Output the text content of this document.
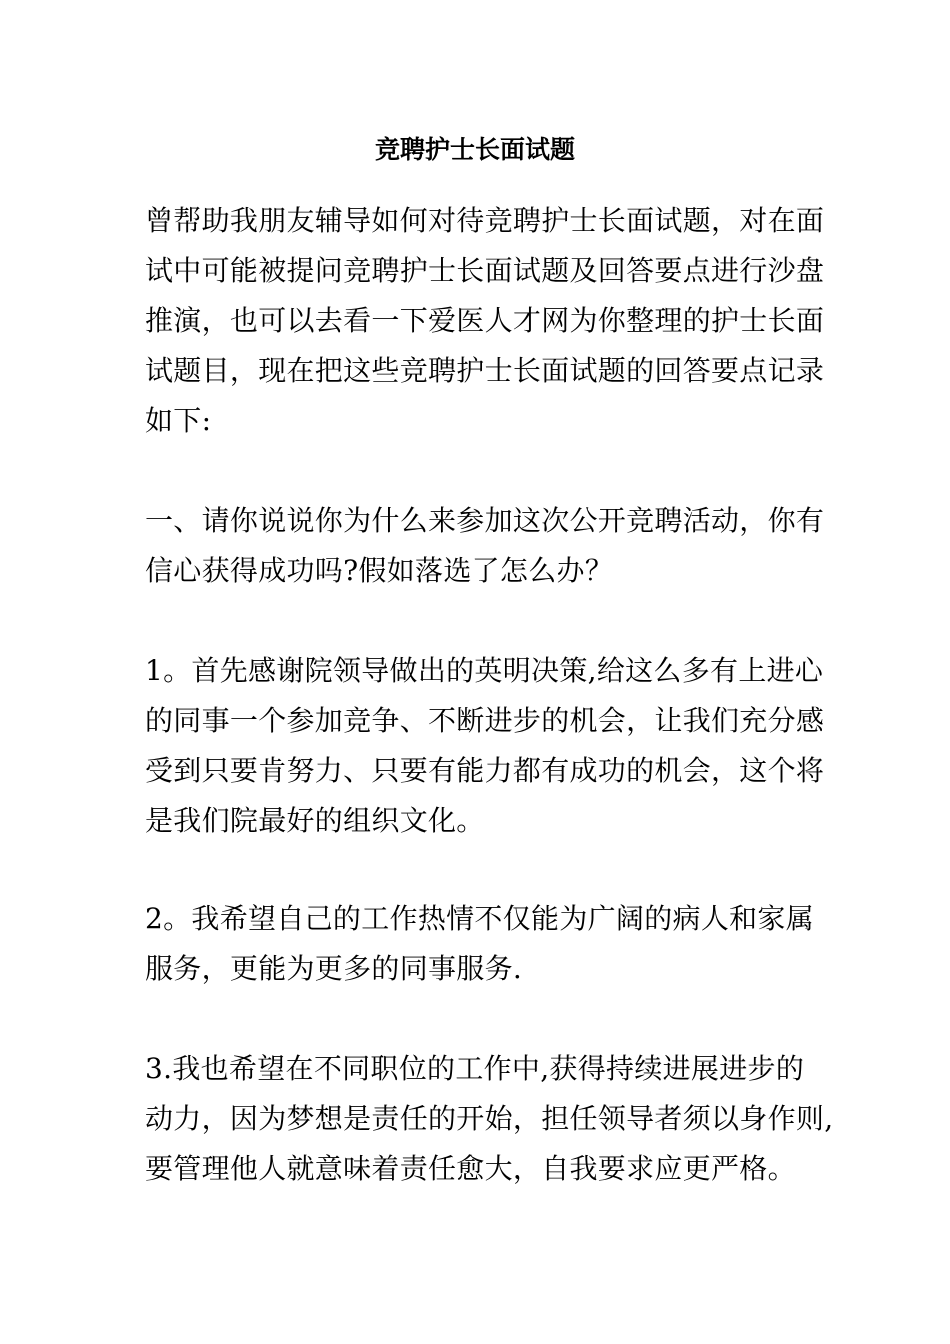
竞聘护士长面试题
曾帮助我朋友辅导如何对待竞聘护士长面试题，对在面
试中可能被提问竞聘护士长面试题及回答要点进行沙盘
推演，也可以去看一下爱医人才网为你整理的护士长面
试题目，现在把这些竞聘护士长面试题的回答要点记录
如下:
一、请你说说你为什么来参加这次公开竞聘活动，你有
信心获得成功吗?假如落选了怎么办？
1。首先感谢院领导做出的英明决策,给这么多有上进心
的同事一个参加竞争、不断进步的机会，让我们充分感
受到只要肯努力、只要有能力都有成功的机会，这个将
是我们院最好的组织文化。
2。我希望自己的工作热情不仅能为广阔的病人和家属
服务，更能为更多的同事服务.
3.我也希望在不同职位的工作中,获得持续进展进步的
动力，因为梦想是责任的开始，担任领导者须以身作则,
要管理他人就意味着责任愈大，自我要求应更严格。
